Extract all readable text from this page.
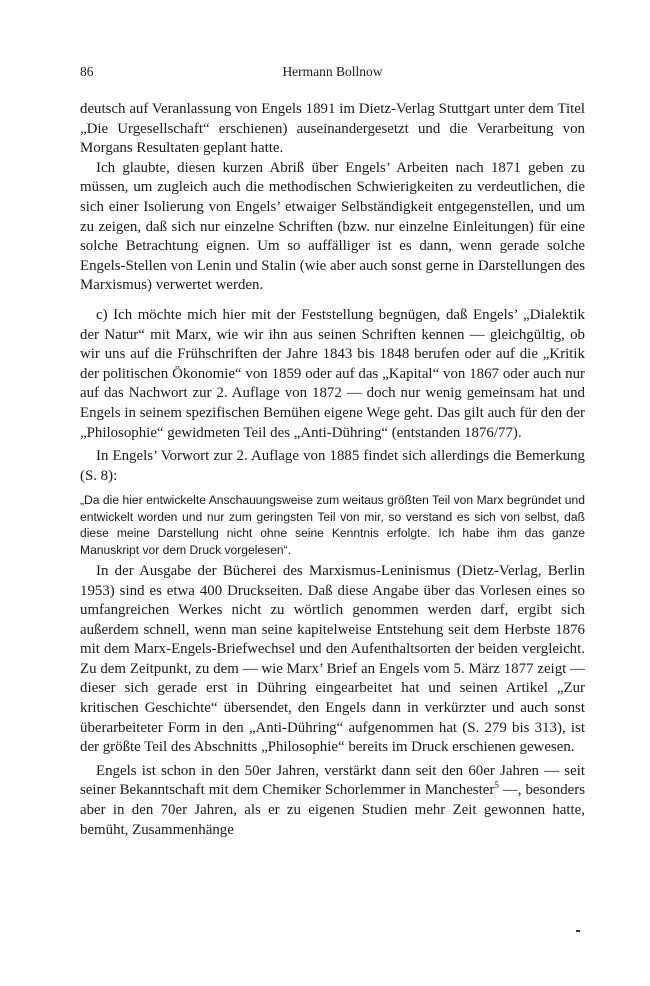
86	Hermann Bollnow

deutsch auf Veranlassung von Engels 1891 im Dietz-Verlag Stuttgart unter dem Titel „Die Urgesellschaft“ erschienen) auseinandergesetzt und die Verarbeitung von Morgans Resultaten geplant hatte.

Ich glaubte, diesen kurzen Abriß über Engels’ Arbeiten nach 1871 geben zu müssen, um zugleich auch die methodischen Schwierigkeiten zu verdeutlichen, die sich einer Isolierung von Engels’ etwaiger Selbständigkeit entgegenstellen, und um zu zeigen, daß sich nur einzelne Schriften (bzw. nur einzelne Einleitungen) für eine solche Betrachtung eignen. Um so auffälliger ist es dann, wenn gerade solche Engels-Stellen von Lenin und Stalin (wie aber auch sonst gerne in Darstellungen des Marxismus) verwertet werden.

c) Ich möchte mich hier mit der Feststellung begnügen, daß Engels’ „Dialektik der Natur“ mit Marx, wie wir ihn aus seinen Schriften kennen — gleichgültig, ob wir uns auf die Frühschriften der Jahre 1843 bis 1848 berufen oder auf die „Kritik der politischen Ökonomie“ von 1859 oder auf das „Kapital“ von 1867 oder auch nur auf das Nachwort zur 2. Auflage von 1872 — doch nur wenig gemeinsam hat und Engels in seinem spezifischen Bemühen eigene Wege geht. Das gilt auch für den der „Philosophie“ gewidmeten Teil des „Anti-Dühring“ (entstanden 1876/77).

In Engels’ Vorwort zur 2. Auflage von 1885 findet sich allerdings die Bemerkung (S. 8):

„Da die hier entwickelte Anschauungsweise zum weitaus größten Teil von Marx begründet und entwickelt worden und nur zum geringsten Teil von mir, so verstand es sich von selbst, daß diese meine Darstellung nicht ohne seine Kenntnis erfolgte. Ich habe ihm das ganze Manuskript vor dem Druck vorgelesen“.

In der Ausgabe der Bücherei des Marxismus-Leninismus (Dietz-Verlag, Berlin 1953) sind es etwa 400 Druckseiten. Daß diese Angabe über das Vorlesen eines so umfangreichen Werkes nicht zu wörtlich genommen werden darf, ergibt sich außerdem schnell, wenn man seine kapitelweise Entstehung seit dem Herbste 1876 mit dem Marx-Engels-Briefwechsel und den Aufenthaltsorten der beiden vergleicht. Zu dem Zeitpunkt, zu dem — wie Marx’ Brief an Engels vom 5. März 1877 zeigt — dieser sich gerade erst in Dühring eingearbeitet hat und seinen Artikel „Zur kritischen Geschichte“ übersendet, den Engels dann in verkürzter und auch sonst überarbeiteter Form in den „Anti-Dühring“ aufgenommen hat (S. 279 bis 313), ist der größte Teil des Abschnitts „Philosophie“ bereits im Druck erschienen gewesen.

Engels ist schon in den 50er Jahren, verstärkt dann seit den 60er Jahren — seit seiner Bekanntschaft mit dem Chemiker Schorlemmer in Manchester$^5$ —, besonders aber in den 70er Jahren, als er zu eigenen Studien mehr Zeit gewonnen hatte, bemüht, Zusammenhänge
